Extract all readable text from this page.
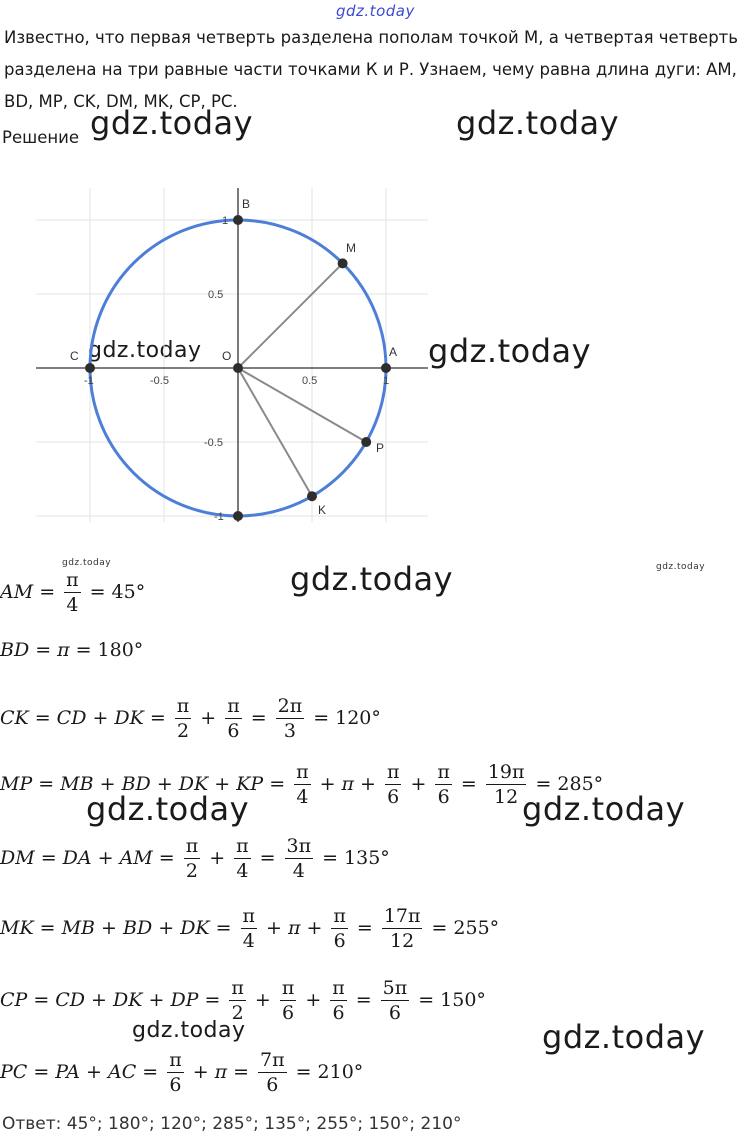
gdz.today
gdz.today	gdz.today
gdz.today	gdz.today
gdz.today	gdz.today	gdz.today
gdz.today	gdz.today
gdz.today	gdz.today
Известно, что первая четверть разделена пополам точкой М, а четвертая четверть разделена на три равные части точками К и Р. Узнаем, чему равна длина дуги: АМ, BD, MP, CK, DM, MK, CP, PC.
Решение
-1	-0.5	0.5	1
1
0.5
-0.5
-1
O	A
B
C
M
P
K
AM = $\frac{\pi}{4} = 45^\circ$
BD = π = 180°
CK = CD + DK = $\frac{\pi}{2} + \frac{\pi}{6} = \frac{2\pi}{3} = 120^\circ$
MP = MB + BD + DK + KP = $\frac{\pi}{4} + \pi + \frac{\pi}{6} + \frac{\pi}{6} = \frac{19\pi}{12} = 285^\circ$
DM = DA + AM = $\frac{\pi}{2} + \frac{\pi}{4} = \frac{3\pi}{4} = 135^\circ$
MK = MB + BD + DK = $\frac{\pi}{4} + \pi + \frac{\pi}{6} = \frac{17\pi}{12} = 255^\circ$
CP = CD + DK + DP = $\frac{\pi}{2} + \frac{\pi}{6} + \frac{\pi}{6} = \frac{5\pi}{6} = 150^\circ$
PC = PA + AC = $\frac{\pi}{6} + \pi = \frac{7\pi}{6} = 210^\circ$
Ответ: 45°; 180°; 120°; 285°; 135°; 255°; 150°; 210°
